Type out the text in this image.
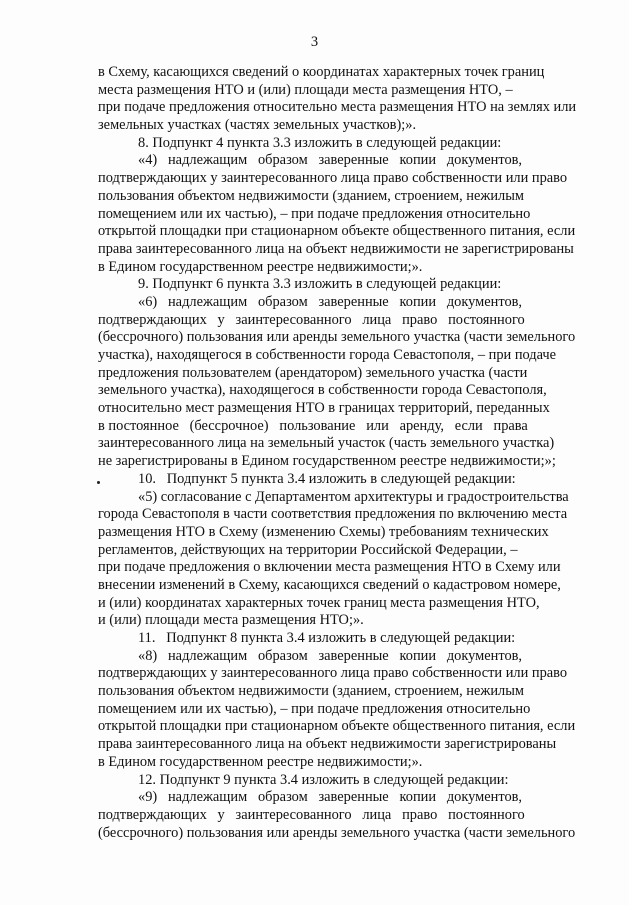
3
в Схему, касающихся сведений о координатах характерных точек границ
места размещения НТО и (или) площади места размещения НТО, –
при подаче предложения относительно места размещения НТО на землях или
земельных участках (частях земельных участков);».
8. Подпункт 4 пункта 3.3 изложить в следующей редакции:
«4)   надлежащим   образом   заверенные   копии   документов,
подтверждающих у заинтересованного лица право собственности или право
пользования объектом недвижимости (зданием, строением, нежилым
помещением или их частью), – при подаче предложения относительно
открытой площадки при стационарном объекте общественного питания, если
права заинтересованного лица на объект недвижимости не зарегистрированы
в Едином государственном реестре недвижимости;».
9. Подпункт 6 пункта 3.3 изложить в следующей редакции:
«6)   надлежащим   образом   заверенные   копии   документов,
подтверждающих   у   заинтересованного   лица   право   постоянного
(бессрочного) пользования или аренды земельного участка (части земельного
участка), находящегося в собственности города Севастополя, – при подаче
предложения пользователем (арендатором) земельного участка (части
земельного участка), находящегося в собственности города Севастополя,
относительно мест размещения НТО в границах территорий, переданных
в постоянное   (бессрочное)   пользование   или   аренду,   если   права
заинтересованного лица на земельный участок (часть земельного участка)
не зарегистрированы в Едином государственном реестре недвижимости;»;
10.   Подпункт 5 пункта 3.4 изложить в следующей редакции:
«5) согласование с Департаментом архитектуры и градостроительства
города Севастополя в части соответствия предложения по включению места
размещения НТО в Схему (изменению Схемы) требованиям технических
регламентов, действующих на территории Российской Федерации, –
при подаче предложения о включении места размещения НТО в Схему или
внесении изменений в Схему, касающихся сведений о кадастровом номере,
и (или) координатах характерных точек границ места размещения НТО,
и (или) площади места размещения НТО;».
11.   Подпункт 8 пункта 3.4 изложить в следующей редакции:
«8)   надлежащим   образом   заверенные   копии   документов,
подтверждающих у заинтересованного лица право собственности или право
пользования объектом недвижимости (зданием, строением, нежилым
помещением или их частью), – при подаче предложения относительно
открытой площадки при стационарном объекте общественного питания, если
права заинтересованного лица на объект недвижимости зарегистрированы
в Едином государственном реестре недвижимости;».
12. Подпункт 9 пункта 3.4 изложить в следующей редакции:
«9)   надлежащим   образом   заверенные   копии   документов,
подтверждающих   у   заинтересованного   лица   право   постоянного
(бессрочного) пользования или аренды земельного участка (части земельного
